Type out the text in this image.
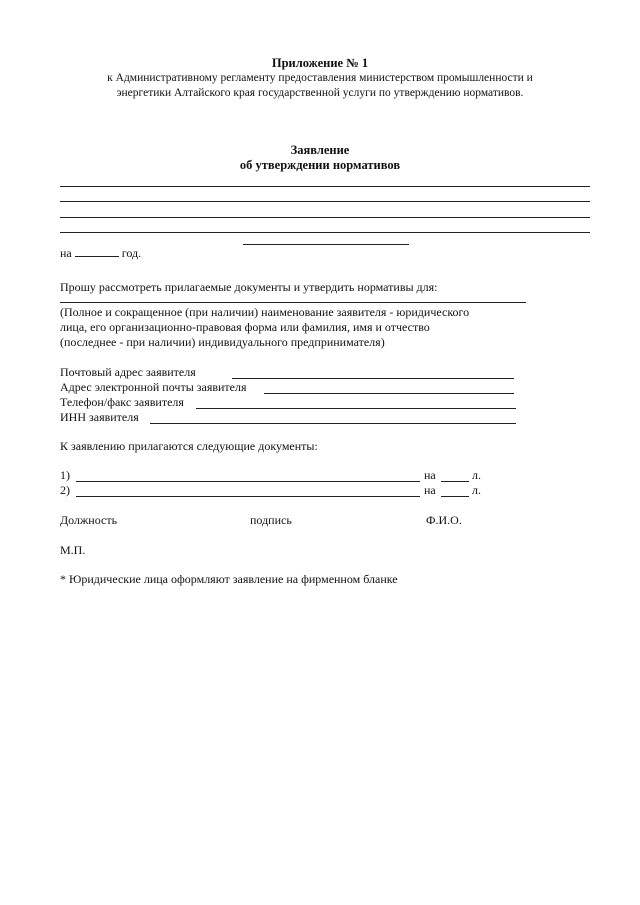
Приложение № 1
к Административному регламенту предоставления министерством промышленности и
энергетики Алтайского края государственной услуги по утверждению нормативов.
Заявление
об утверждении нормативов
на	год.
Прошу рассмотреть прилагаемые документы и утвердить нормативы для:
(Полное и сокращенное (при наличии) наименование заявителя - юридического
лица, его организационно-правовая форма или фамилия, имя и отчество
(последнее - при наличии) индивидуального предпринимателя)
Почтовый адрес заявителя
Адрес электронной почты заявителя
Телефон/факс заявителя
ИНН заявителя
К заявлению прилагаются следующие документы:
1)	на	л.
2)	на	л.
Должность	подпись	Ф.И.О.
М.П.
* Юридические лица оформляют заявление на фирменном бланке
